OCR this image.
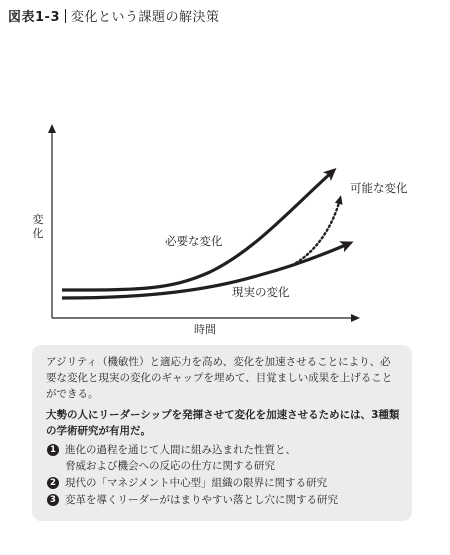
図表1-3 変化という課題の解決策
変
化
時間
必要な変化
現実の変化
可能な変化

アジリティ（機敏性）と適応力を高め、変化を加速させることにより、必要な変化と現実の変化のギャップを埋めて、目覚ましい成果を上げることができる。

大勢の人にリーダーシップを発揮させて変化を加速させるためには、3種類の学術研究が有用だ。

1 進化の過程を通じて人間に組み込まれた性質と、
脅威および機会への反応の仕方に関する研究
2 現代の「マネジメント中心型」組織の限界に関する研究
3 変革を導くリーダーがはまりやすい落とし穴に関する研究
